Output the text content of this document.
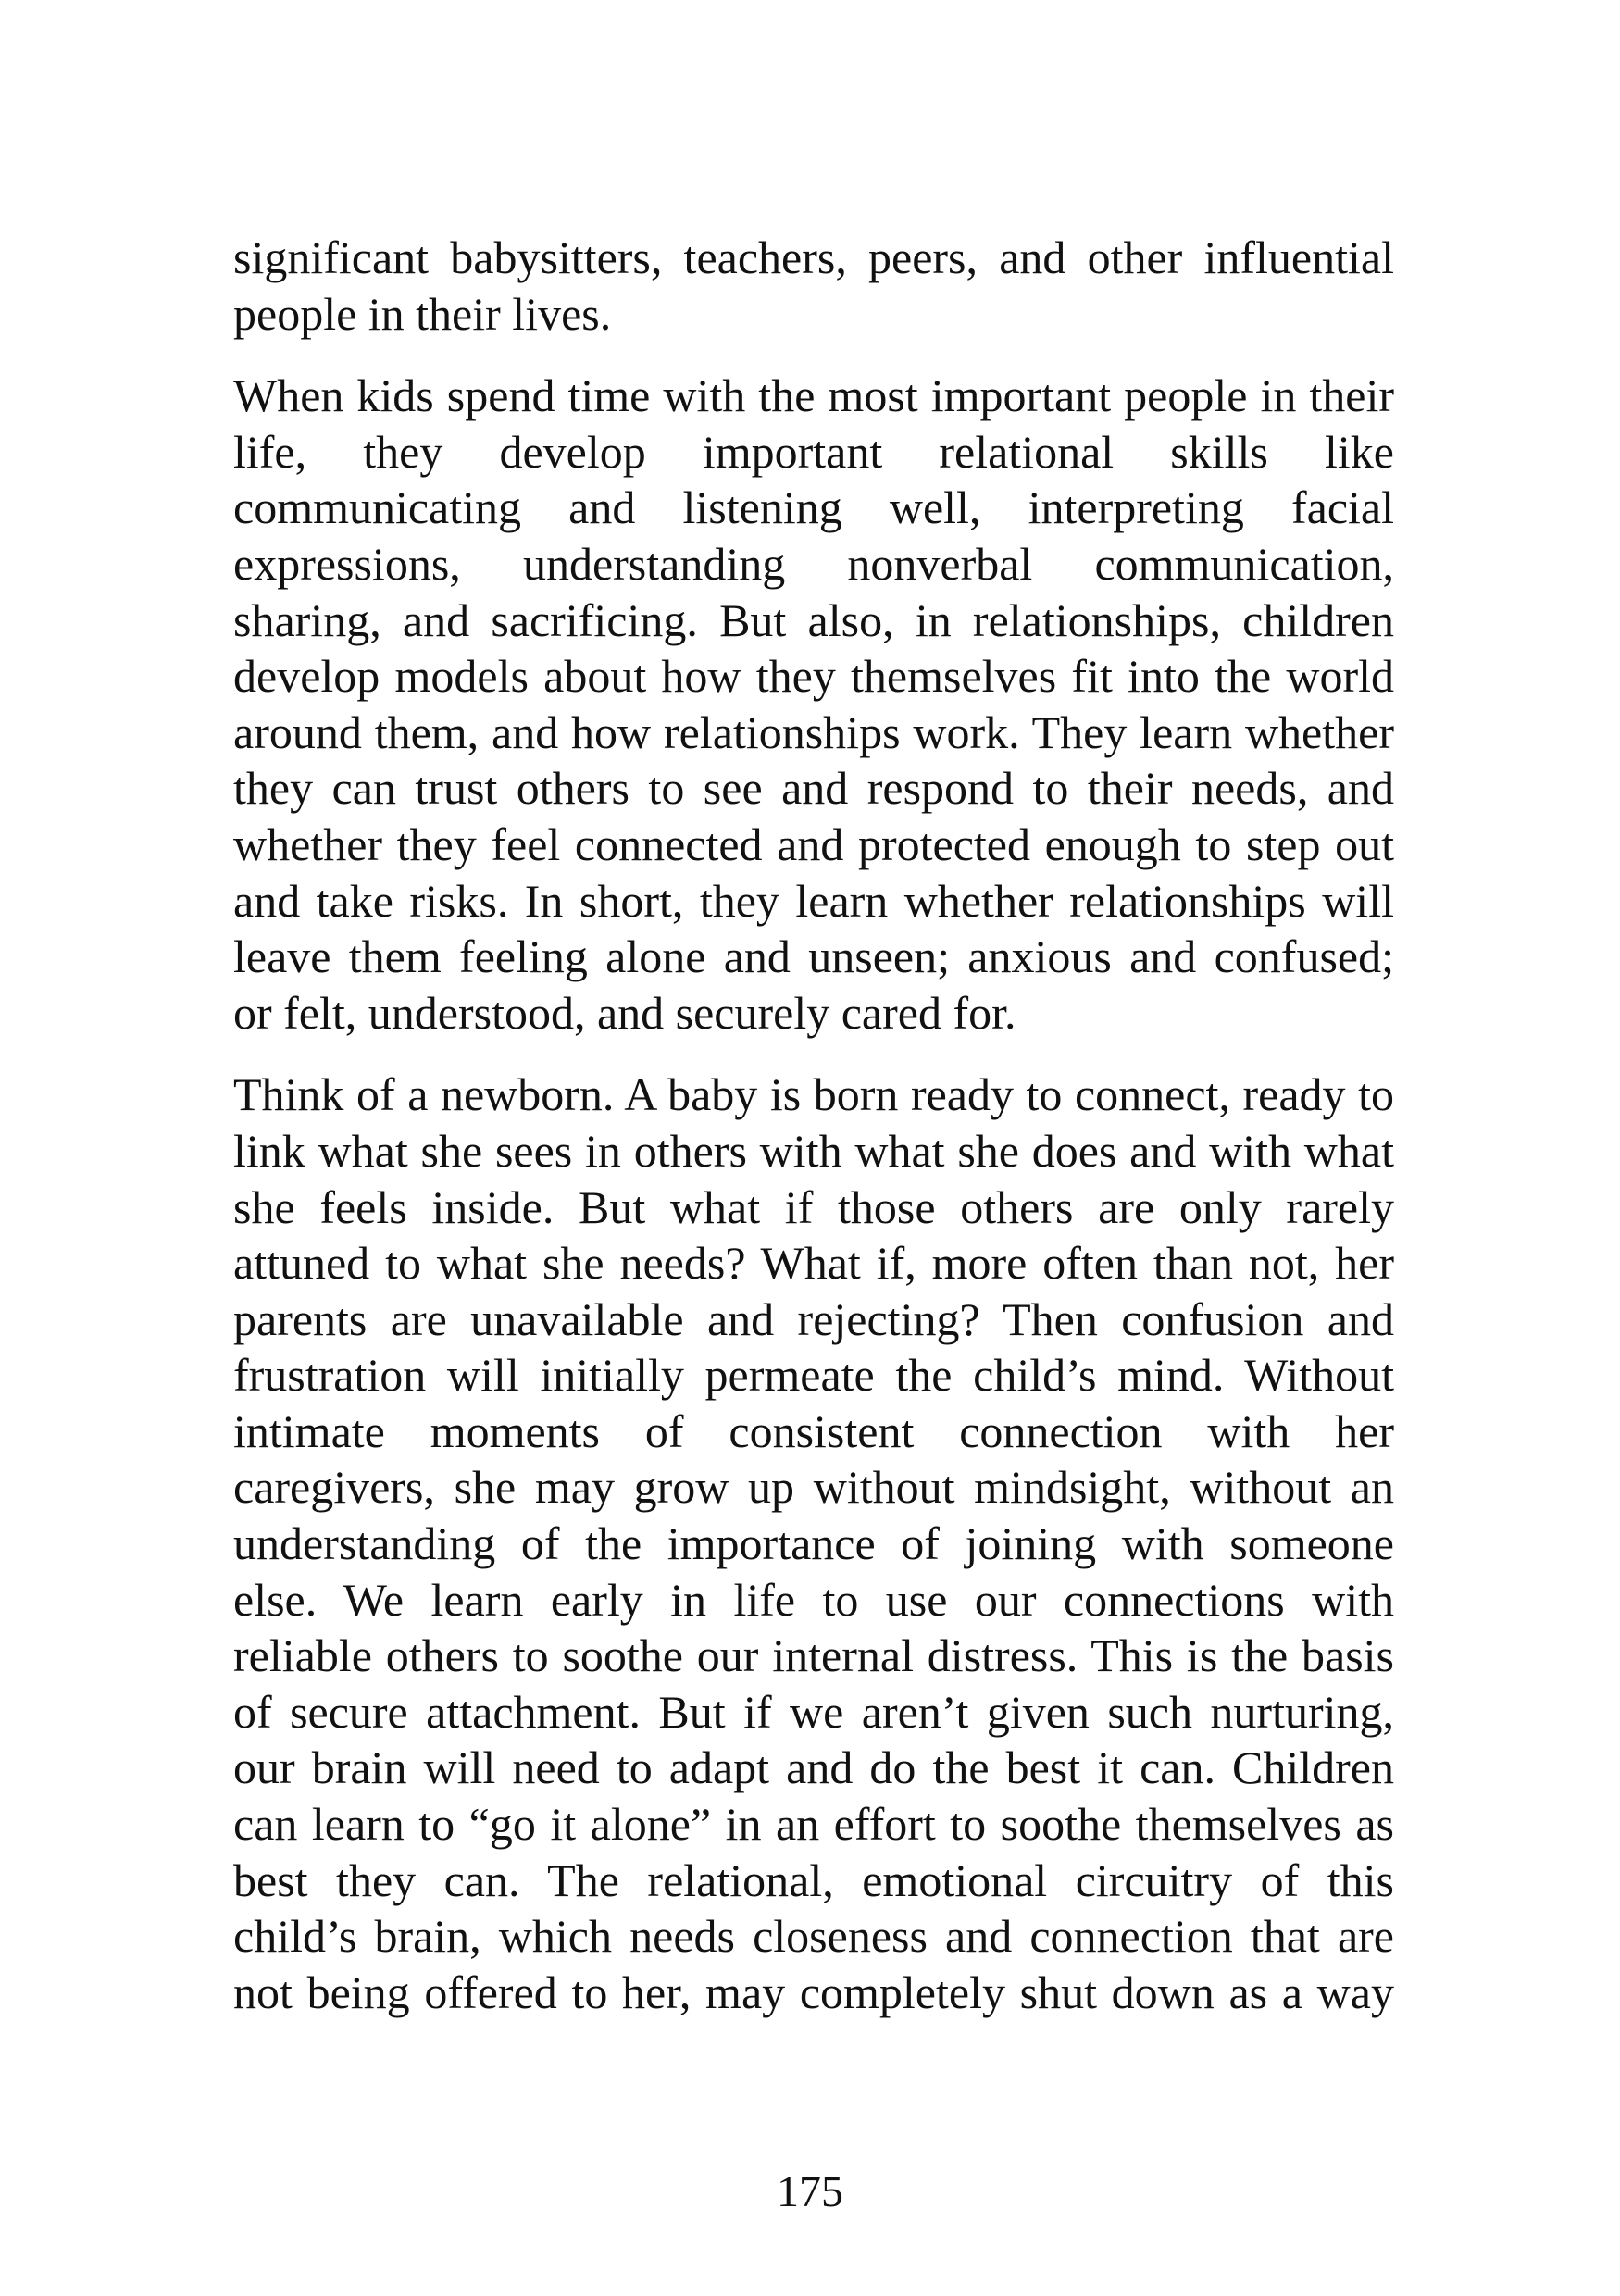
significant babysitters, teachers, peers, and other influential
people in their lives.

When kids spend time with the most important people in their
life, they develop important relational skills like
communicating and listening well, interpreting facial
expressions, understanding nonverbal communication,
sharing, and sacrificing. But also, in relationships, children
develop models about how they themselves fit into the world
around them, and how relationships work. They learn whether
they can trust others to see and respond to their needs, and
whether they feel connected and protected enough to step out
and take risks. In short, they learn whether relationships will
leave them feeling alone and unseen; anxious and confused;
or felt, understood, and securely cared for.

Think of a newborn. A baby is born ready to connect, ready to
link what she sees in others with what she does and with what
she feels inside. But what if those others are only rarely
attuned to what she needs? What if, more often than not, her
parents are unavailable and rejecting? Then confusion and
frustration will initially permeate the child’s mind. Without
intimate moments of consistent connection with her
caregivers, she may grow up without mindsight, without an
understanding of the importance of joining with someone
else. We learn early in life to use our connections with
reliable others to soothe our internal distress. This is the basis
of secure attachment. But if we aren’t given such nurturing,
our brain will need to adapt and do the best it can. Children
can learn to “go it alone” in an effort to soothe themselves as
best they can. The relational, emotional circuitry of this
child’s brain, which needs closeness and connection that are
not being offered to her, may completely shut down as a way

175
